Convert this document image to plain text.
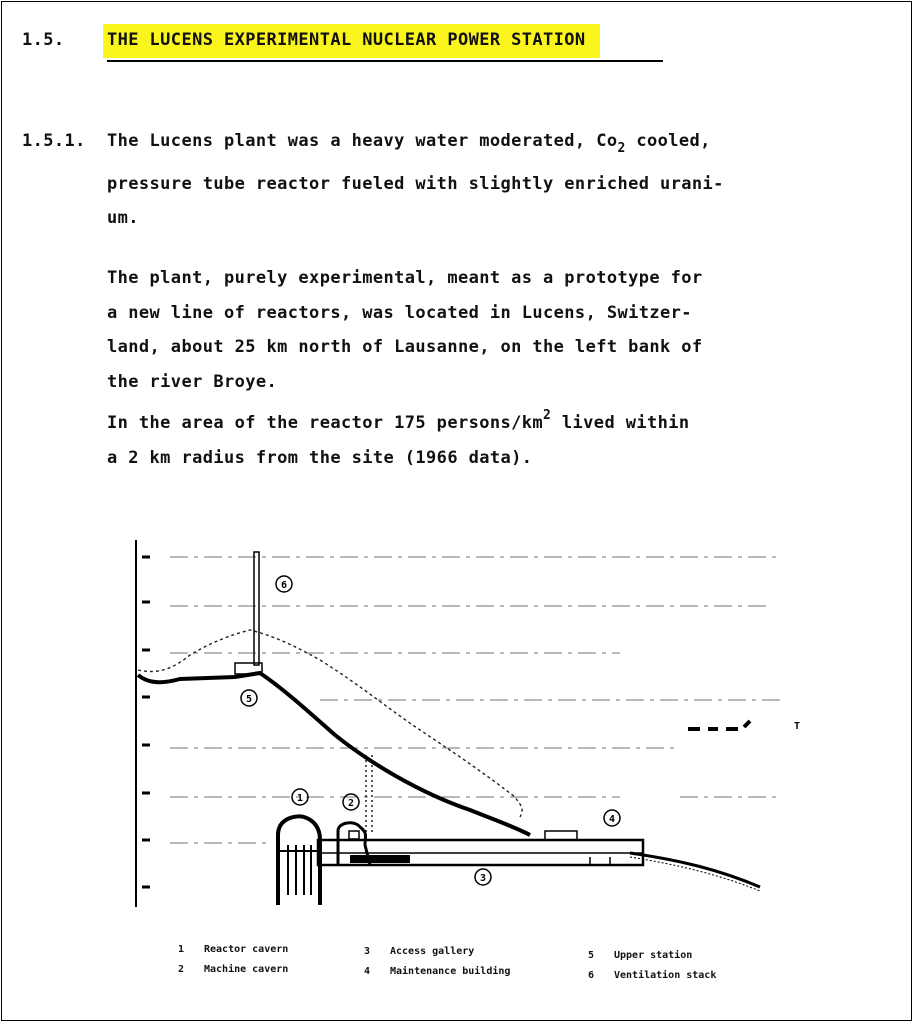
1.5. THE LUCENS EXPERIMENTAL NUCLEAR POWER STATION
1.5.1. The Lucens plant was a heavy water moderated, $Co_2$ cooled,
pressure tube reactor fueled with slightly enriched urani-
um.
The plant, purely experimental, meant as a prototype for
a new line of reactors, was located in Lucens, Switzer-
land, about 25 km north of Lausanne, on the left bank of
the river Broye.
In the area of the reactor 175 persons/$km^2$ lived within
a 2 km radius from the site (1966 data).
T
6
5
1	2
3
4
1 Reactor cavern
2 Machine cavern
3 Access gallery
4 Maintenance building
5 Upper station
6 Ventilation stack
